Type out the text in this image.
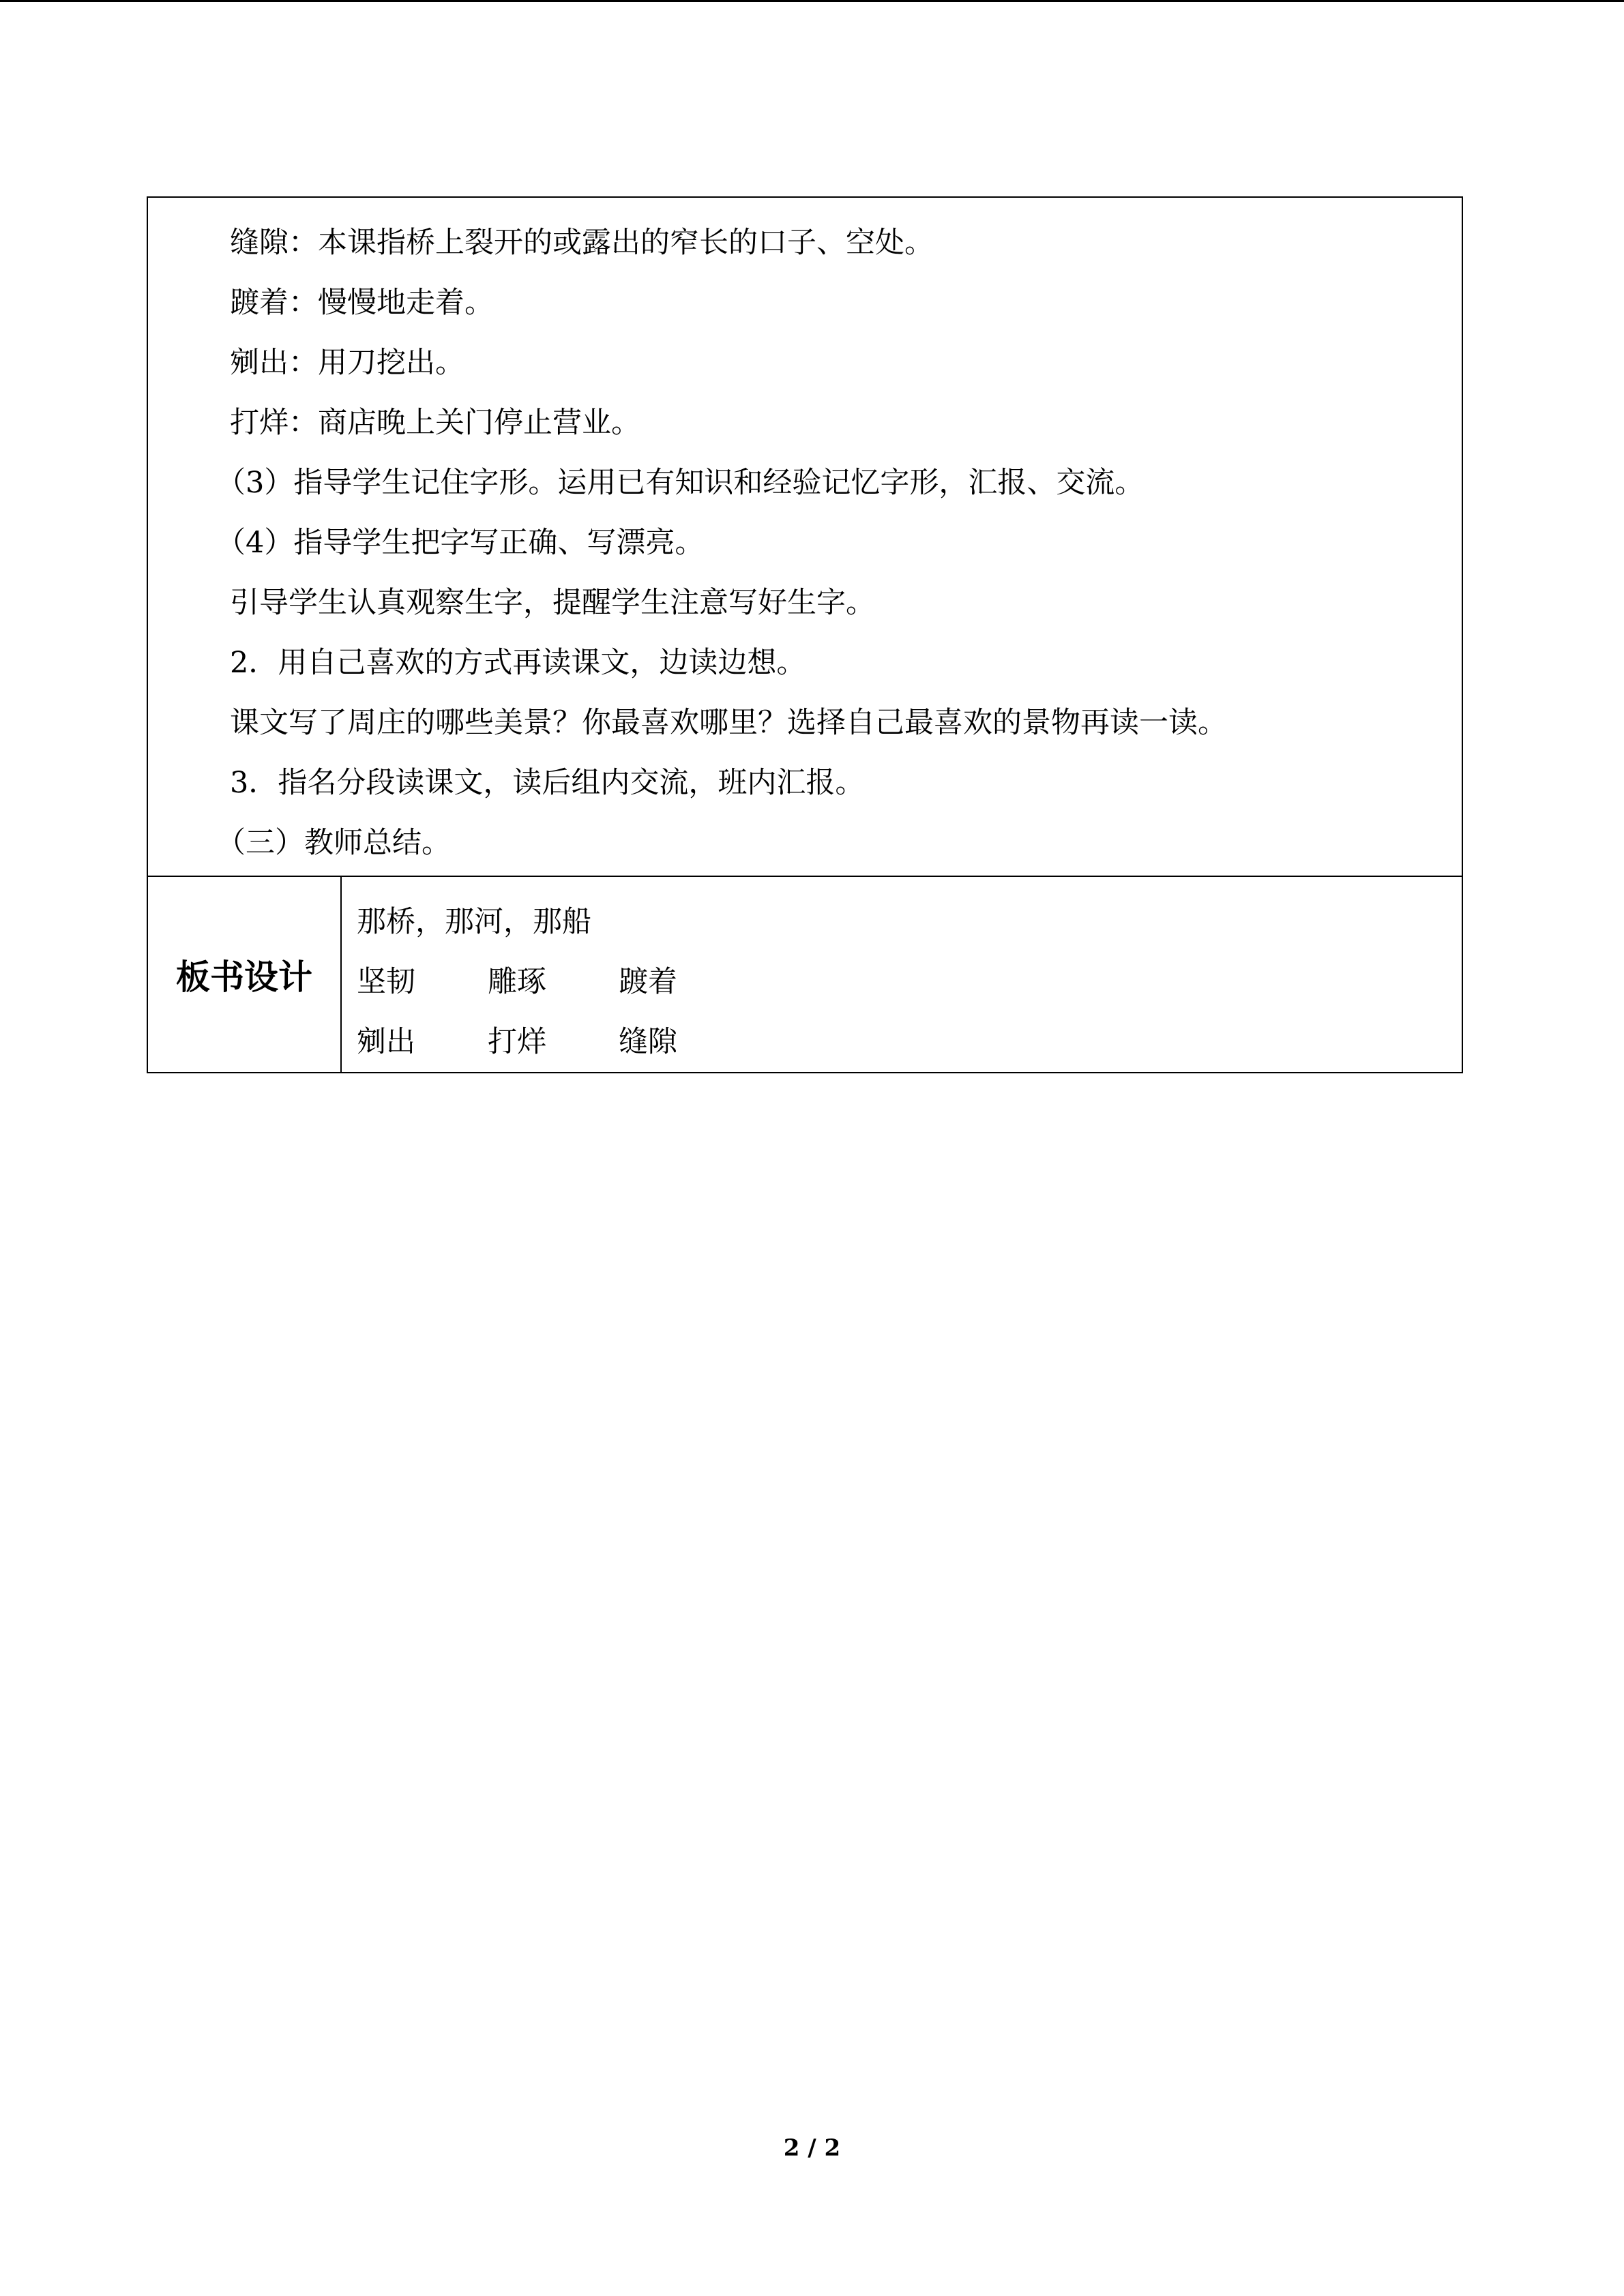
缝隙：本课指桥上裂开的或露出的窄长的口子、空处。
踱着：慢慢地走着。
剜出：用刀挖出。
打烊：商店晚上关门停止营业。
（3）指导学生记住字形。运用已有知识和经验记忆字形，汇报、交流。
（4）指导学生把字写正确、写漂亮。
引导学生认真观察生字，提醒学生注意写好生字。
2．用自己喜欢的方式再读课文，边读边想。
课文写了周庄的哪些美景？你最喜欢哪里？选择自己最喜欢的景物再读一读。
3．指名分段读课文，读后组内交流，班内汇报。
（三）教师总结。

板书设计	
那桥，那河，那船
坚韧 雕琢 踱着
剜出 打烊 缝隙
2 / 2
